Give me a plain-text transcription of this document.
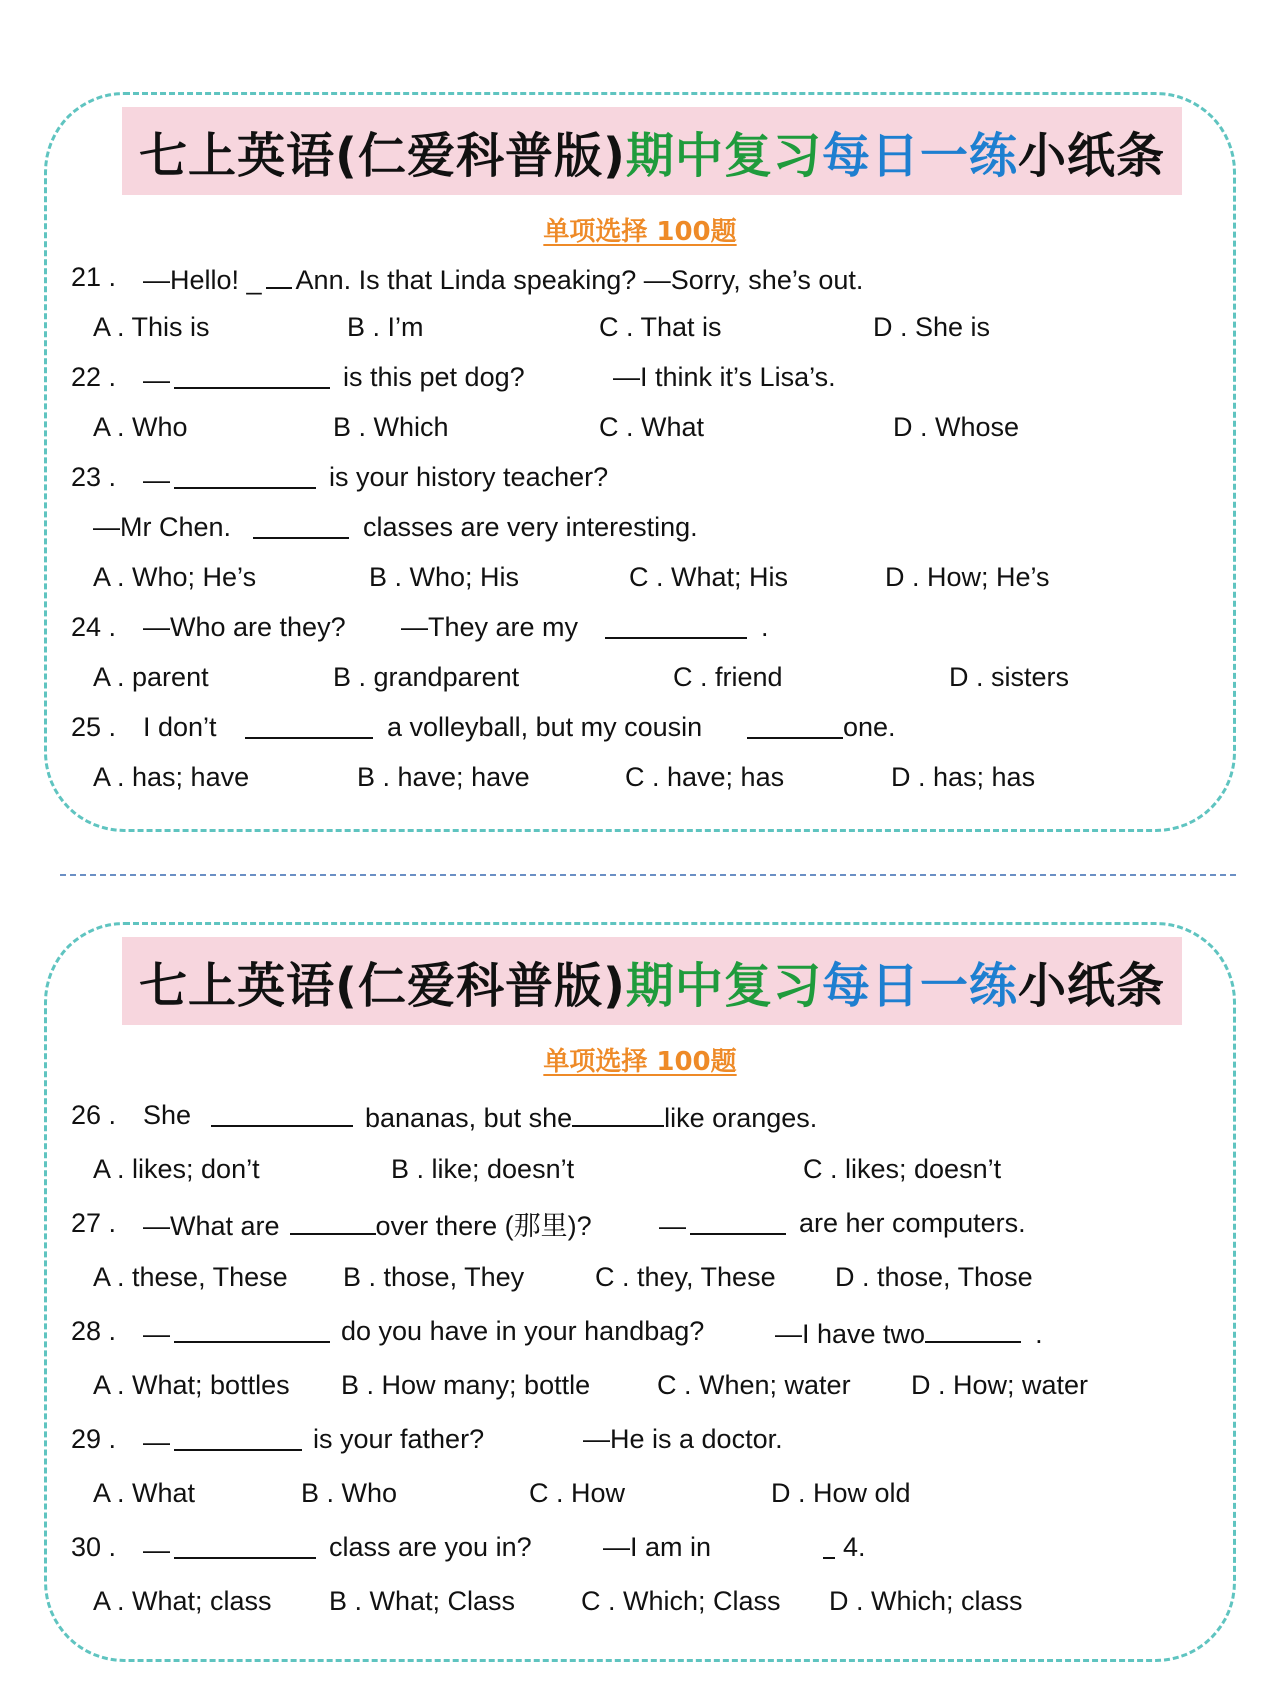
七上英语(仁爱科普版) 期中复习 每日一练 小纸条
单项选择 100题
21 . —Hello! _ Ann. Is that Linda speaking? —Sorry, she’s out.
A . This is	B . I’m	C . That is	D . She is
22 . —	is this pet dog?	—I think it’s Lisa’s.
A . Who	B . Which	C . What	D . Whose
23 . —	is your history teacher?
—Mr Chen.	classes are very interesting.
A . Who; He’s	B . Who; His	C . What; His	D . How; He’s
24 . —Who are they? —They are my	.
A . parent	B . grandparent	C . friend	D . sisters
25 . I don’t	a volleyball, but my cousin	one.
A . has; have	B . have; have	C . have; has	D . has; has
七上英语(仁爱科普版) 期中复习 每日一练 小纸条
单项选择 100题
26 . She	bananas, but she	like oranges.
A . likes; don’t	B . like; doesn’t	C . likes; doesn’t
27 . —What are	over there (那里)? —	are her computers.
A . these, These B . those, They	C . they, These D . those, Those
28 . —	do you have in your handbag?	—I have two	.
A . What; bottles B . How many; bottle C . When; water D . How; water
29 . —	is your father?	—He is a doctor.
A . What	B . Who	C . How	D . How old
30 . —	class are you in?	—I am in	4.
A . What; class B . What; Class C . Which; Class D . Which; class
